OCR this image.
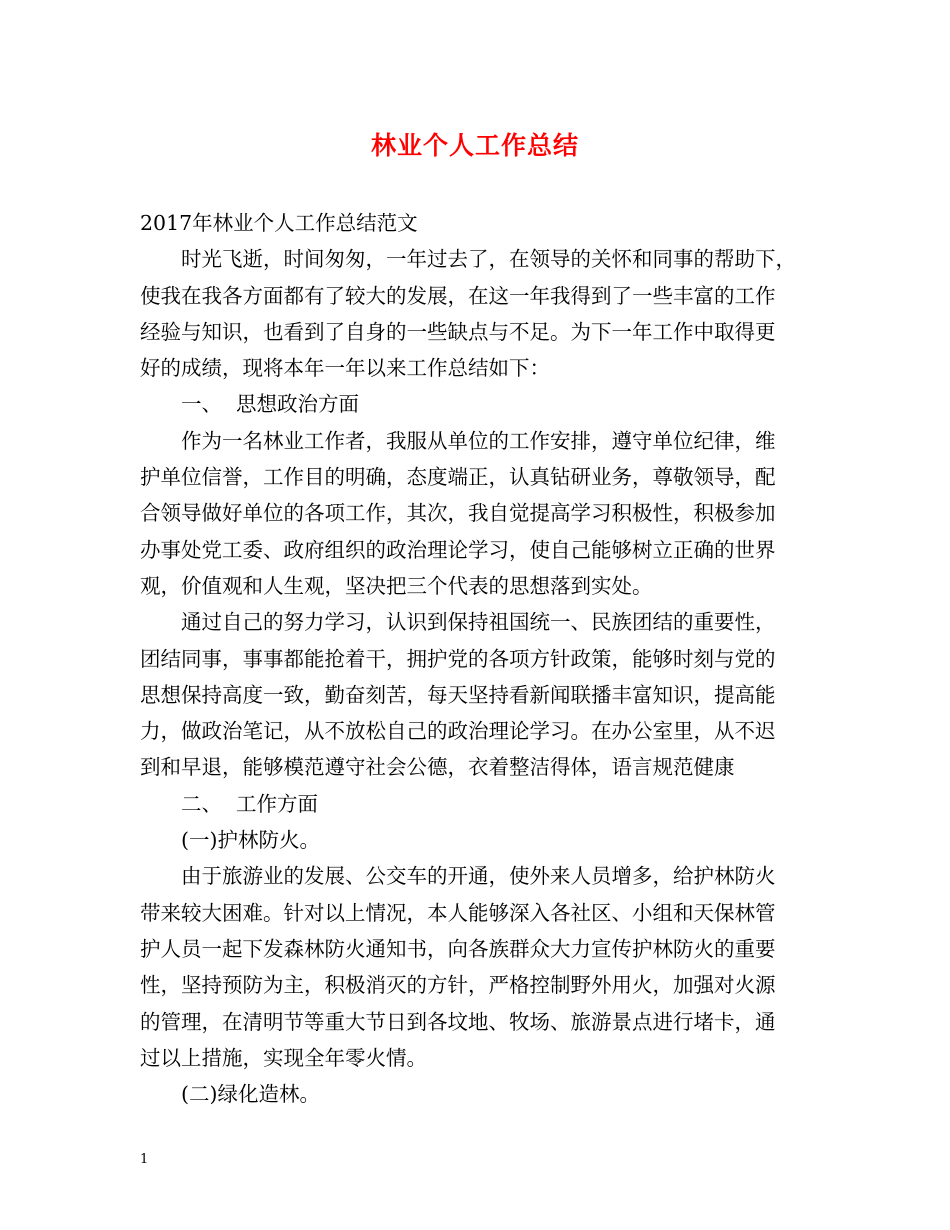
林业个人工作总结
2017年林业个人工作总结范文
时光飞逝，时间匆匆，一年过去了，在领导的关怀和同事的帮助下，
使我在我各方面都有了较大的发展，在这一年我得到了一些丰富的工作
经验与知识，也看到了自身的一些缺点与不足。为下一年工作中取得更
好的成绩，现将本年一年以来工作总结如下：
一、 思想政治方面
作为一名林业工作者，我服从单位的工作安排，遵守单位纪律，维
护单位信誉，工作目的明确，态度端正，认真钻研业务，尊敬领导，配
合领导做好单位的各项工作，其次，我自觉提高学习积极性，积极参加
办事处党工委、政府组织的政治理论学习，使自己能够树立正确的世界
观，价值观和人生观，坚决把三个代表的思想落到实处。
通过自己的努力学习，认识到保持祖国统一、民族团结的重要性，
团结同事，事事都能抢着干，拥护党的各项方针政策，能够时刻与党的
思想保持高度一致，勤奋刻苦，每天坚持看新闻联播丰富知识，提高能
力，做政治笔记，从不放松自己的政治理论学习。在办公室里，从不迟
到和早退，能够模范遵守社会公德，衣着整洁得体，语言规范健康
二、 工作方面
(一)护林防火。
由于旅游业的发展、公交车的开通，使外来人员增多，给护林防火
带来较大困难。针对以上情况，本人能够深入各社区、小组和天保林管
护人员一起下发森林防火通知书，向各族群众大力宣传护林防火的重要
性，坚持预防为主，积极消灭的方针，严格控制野外用火，加强对火源
的管理，在清明节等重大节日到各坟地、牧场、旅游景点进行堵卡，通
过以上措施，实现全年零火情。
(二)绿化造林。
1
